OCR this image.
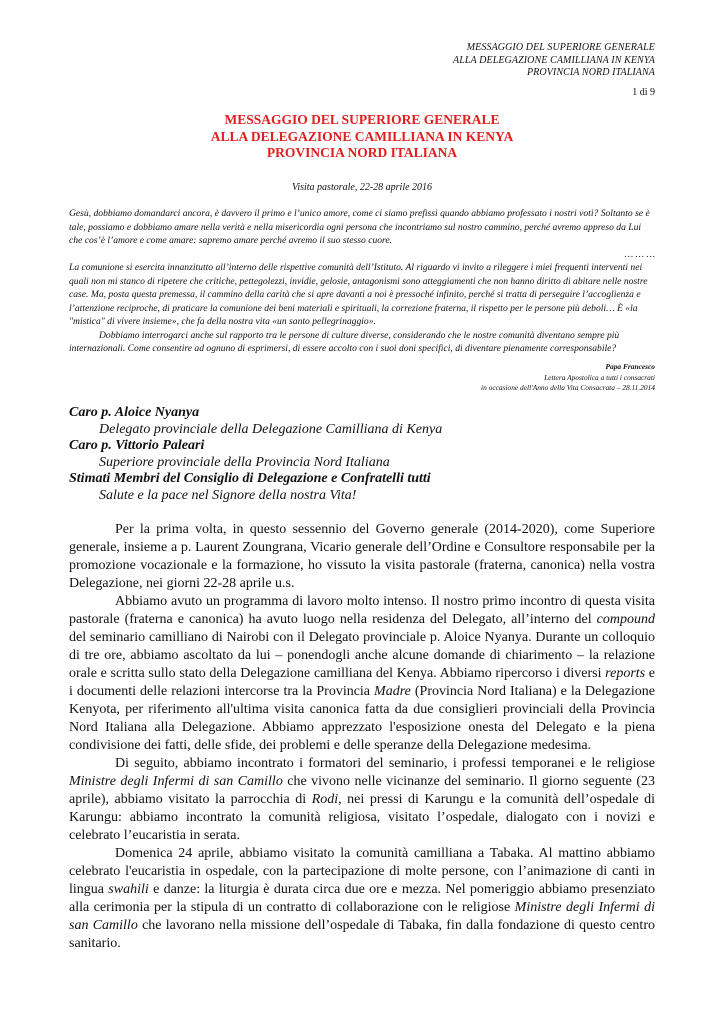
MESSAGGIO DEL SUPERIORE GENERALE
ALLA DELEGAZIONE CAMILLIANA IN KENYA
PROVINCIA NORD ITALIANA
1 di 9
MESSAGGIO DEL SUPERIORE GENERALE
ALLA DELEGAZIONE CAMILLIANA IN KENYA
PROVINCIA NORD ITALIANA
Visita pastorale, 22-28 aprile 2016

Gesù, dobbiamo domandarci ancora, è davvero il primo e l’unico amore, come ci siamo prefissi quando abbiamo professato i nostri voti? Soltanto se è tale, possiamo e dobbiamo amare nella verità e nella misericordia ogni persona che incontriamo sul nostro cammino, perché avremo appreso da Lui che cos’è l’amore e come amare: sapremo amare perché avremo il suo stesso cuore.

… … …

La comunione si esercita innanzitutto all’interno delle rispettive comunità dell’Istituto. Al riguardo vi invito a rileggere i miei frequenti interventi nei quali non mi stanco di ripetere che critiche, pettegolezzi, invidie, gelosie, antagonismi sono atteggiamenti che non hanno diritto di abitare nelle nostre case. Ma, posta questa premessa, il cammino della carità che si apre davanti a noi è pressoché infinito, perché si tratta di perseguire l’accoglienza e l’attenzione reciproche, di praticare la comunione dei beni materiali e spirituali, la correzione fraterna, il rispetto per le persone più deboli… È «la "mistica" di vivere insieme», che fa della nostra vita «un santo pellegrinaggio».

Dobbiamo interrogarci anche sul rapporto tra le persone di culture diverse, considerando che le nostre comunità diventano sempre più internazionali. Come consentire ad ognuno di esprimersi, di essere accolto con i suoi doni specifici, di diventare pienamente corresponsabile?

Papa Francesco
Lettera Apostolica a tutti i consacrati
in occasione dell'Anno della Vita Consacrata – 28.11.2014

Caro p. Aloice Nyanya

Delegato provinciale della Delegazione Camilliana di Kenya

Caro p. Vittorio Paleari

Superiore provinciale della Provincia Nord Italiana

Stimati Membri del Consiglio di Delegazione e Confratelli tutti

Salute e la pace nel Signore della nostra Vita!

Per la prima volta, in questo sessennio del Governo generale (2014-2020), come Superiore generale, insieme a p. Laurent Zoungrana, Vicario generale dell’Ordine e Consultore responsabile per la promozione vocazionale e la formazione, ho vissuto la visita pastorale (fraterna, canonica) nella vostra Delegazione, nei giorni 22-28 aprile u.s.

Abbiamo avuto un programma di lavoro molto intenso. Il nostro primo incontro di questa visita pastorale (fraterna e canonica) ha avuto luogo nella residenza del Delegato, all’interno del compound del seminario camilliano di Nairobi con il Delegato provinciale p. Aloice Nyanya. Durante un colloquio di tre ore, abbiamo ascoltato da lui – ponendogli anche alcune domande di chiarimento – la relazione orale e scritta sullo stato della Delegazione camilliana del Kenya. Abbiamo ripercorso i diversi reports e i documenti delle relazioni intercorse tra la Provincia Madre (Provincia Nord Italiana) e la Delegazione Kenyota, per riferimento all'ultima visita canonica fatta da due consiglieri provinciali della Provincia Nord Italiana alla Delegazione. Abbiamo apprezzato l'esposizione onesta del Delegato e la piena condivisione dei fatti, delle sfide, dei problemi e delle speranze della Delegazione medesima.

Di seguito, abbiamo incontrato i formatori del seminario, i professi temporanei e le religiose Ministre degli Infermi di san Camillo che vivono nelle vicinanze del seminario. Il giorno seguente (23 aprile), abbiamo visitato la parrocchia di Rodi, nei pressi di Karungu e la comunità dell’ospedale di Karungu: abbiamo incontrato la comunità religiosa, visitato l’ospedale, dialogato con i novizi e celebrato l’eucaristia in serata.

Domenica 24 aprile, abbiamo visitato la comunità camilliana a Tabaka. Al mattino abbiamo celebrato l'eucaristia in ospedale, con la partecipazione di molte persone, con l’animazione di canti in lingua swahili e danze: la liturgia è durata circa due ore e mezza. Nel pomeriggio abbiamo presenziato alla cerimonia per la stipula di un contratto di collaborazione con le religiose Ministre degli Infermi di san Camillo che lavorano nella missione dell’ospedale di Tabaka, fin dalla fondazione di questo centro sanitario.
